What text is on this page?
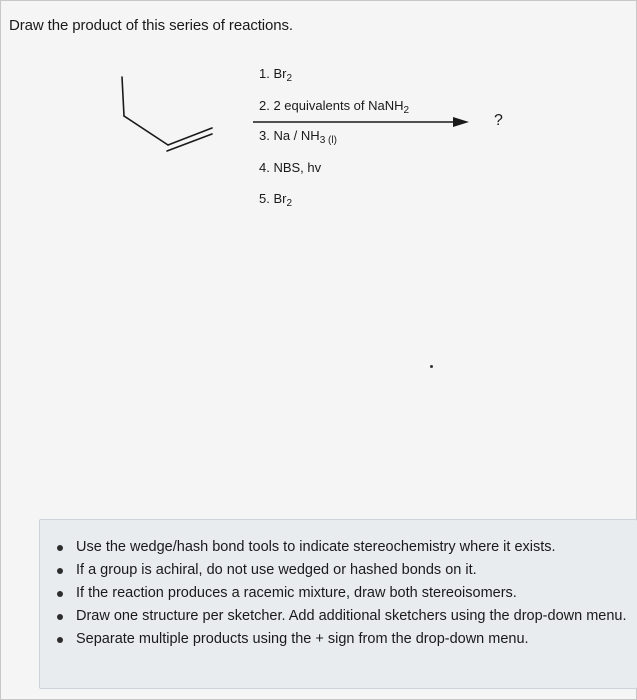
Draw the product of this series of reactions.
1. $Br_2$
2. 2 equivalents of NaNH$_2$
3. Na / $NH_{3 (l)}$
4. NBS, hv
5. $Br_2$
?
Use the wedge/hash bond tools to indicate stereochemistry where it exists.
If a group is achiral, do not use wedged or hashed bonds on it.
If the reaction produces a racemic mixture, draw both stereoisomers.
Draw one structure per sketcher. Add additional sketchers using the drop-down menu.
Separate multiple products using the + sign from the drop-down menu.
